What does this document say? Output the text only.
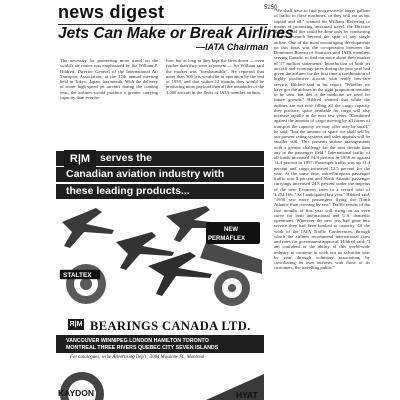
5250
news digest
Jets Can Make or Break Airlines
—IATA Chairman
The necessity for pioneering more travel on the world's air routes was emphasized by Sir William P. Hildred, Director General of the International Air Transport Association, at the 15th annual meeting held in Tokyo, Japan, last month. With the delivery of more high-speed jet aircraft during the coming year, the airlines would produce a greater carrying capacity than ever be-
fore, but as long as they kept the fares down — even further than they were at present — Sir William said the market was "inexhaustible". He reported that more than 300 jets would be in operation by the end of 1959, and that within 12 months they would be producing more payload than all the remainder of the 3,000 aircraft in the fleets of IATA member airlines.
"We shall have to find progressively larger gallons of traffic to these machines, or they will eat us up, capital and all," warned Sir William. Referring to means of promoting increased travel, the Director General said this could be done only by conducting market research beyond the span of any single airline. One of the most encouraging developments on this basis was the co-operation between the Dominion Bureau of Statistics and IATA members serving Canada, to find out more about their market of 17 million statements. Introduction of both jet aircraft and economy fares during the past year had given the airlines for the first time a combination of highly productive aircraft with really low-fare service, Hildred said in his report. "Whether we have got the airlines in the right proportion remains to be seen, but this is the medicine we need for future growth." Hildred warned that while the airlines are not now filling all the cargo capacity they produce, space available for cargo will also increase rapidly in the next few years. "Combined against the amount of cargo moving by all forms of transport the capacity we may offer may be small," he said, "but the amount of space we shall sell by our present rating systems and sales appeals will be smaller still. This presents airline managements with a greater challenge for the next decade than any in the passenger field." International traffic of all kinds increased 14.8 percent in 1958 as against 14.4 percent in 1957. Passenger traffic was up 11.4 percent and cargo increased 12.5 percent for the year. At the same time, intra-European passenger traffic rose 8 percent and North Atlantic passenger carryings increased 24.8 percent under the impetus of the new Economy fares to a record total of 1,252,166. "As I anticipated last year," Hildred said, "1958 saw more passengers flying the North Atlantic than crossing by sea." Traffic results of the first months of this year will rising on an even curve for both international and U.S. domestic operations. Wherever the new jets had gone into service they had been booked to capacity. Of the work of the IATA Traffic Conferences, through which the airlines recommend international fares and rates for government approval, Hildred said: "I am confident of the ability of this world-wide industry to continue to work out its salvation year by year through voluntary association, by conciliating its own interests with those of its customers, the travelling public."
R|M serves the
Canadian aviation industry with
these leading products...
STALTEX
NEW
PERMAFLEX
R|M BEARINGS CANADA LTD.
VANCOUVER WINNIPEG LONDON HAMILTON TORONTO
MONTREAL THREE RIVERS QUEBEC CITY SEVEN ISLANDS
For catalogues, write Advertising Dep't., 3084 Masonne St., Montreal
KAYDON	HYAT
